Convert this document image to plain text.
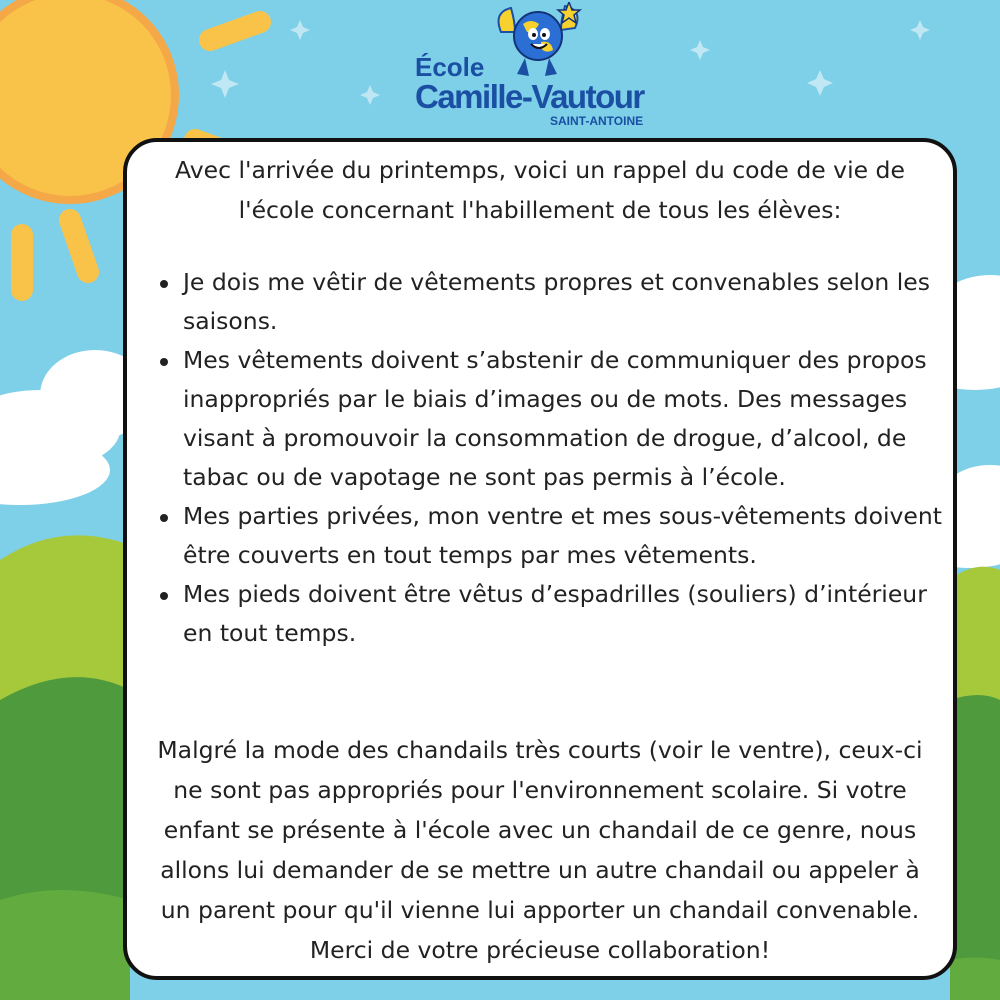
École
Camille-Vautour
SAINT-ANTOINE
Avec l'arrivée du printemps, voici un rappel du code de vie de
l'école concernant l'habillement de tous les élèves:
Je dois me vêtir de vêtements propres et convenables selon les saisons.
Mes vêtements doivent s’abstenir de communiquer des propos inappropriés par le biais d’images ou de mots. Des messages visant à promouvoir la consommation de drogue, d’alcool, de tabac ou de vapotage ne sont pas permis à l’école.
Mes parties privées, mon ventre et mes sous-vêtements doivent être couverts en tout temps par mes vêtements.
Mes pieds doivent être vêtus d’espadrilles (souliers) d’intérieur en tout temps.
Malgré la mode des chandails très courts (voir le ventre), ceux-ci
ne sont pas appropriés pour l'environnement scolaire. Si votre
enfant se présente à l'école avec un chandail de ce genre, nous
allons lui demander de se mettre un autre chandail ou appeler à
un parent pour qu'il vienne lui apporter un chandail convenable.
Merci de votre précieuse collaboration!
